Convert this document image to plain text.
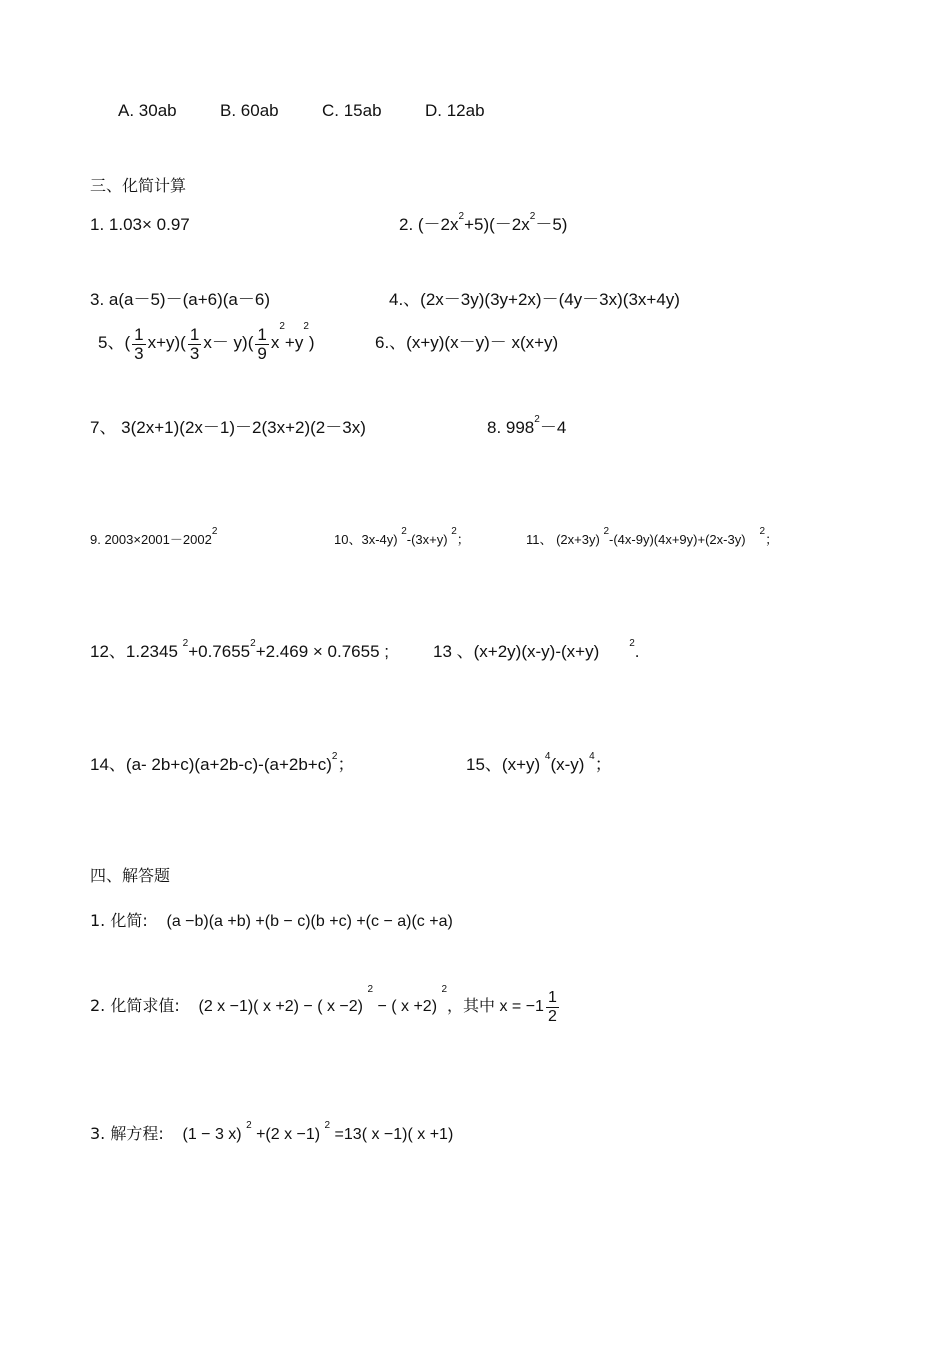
A. 30ab	B. 60ab	C. 15ab	D. 12ab
三、化简计算
1. 1.03× 0.97	2. $(-2x^2+5)(-2x^2-5)$
3. a(a－5)－(a+6)(a－6)	4.、(2x－3y)(3y+2x)－(4y－3x)(3x+4y)
5、( $\frac{1}{3} x+y)( \frac{1}{3} x- y)( \frac{1}{9} x^2+y^2)$	6.、(x+y)(x－y)－ x(x+y)
7、 3(2x+1)(2x－1)－2(3x+2)(2－3x)	8. $998^2-4$
9. $2003\times 2001-2002^2$
10、3x-4y) $^2$-(3x+y) $^2$；	11、 (2x+3y) $^2-(4x-9y)(4x+9y)+(2x-3y)^2$；
12、1.2345 $^2+0.7655^2+2.469 \times 0.7655$ ;	13 、(x+2y)(x-y)-(x+y)	$^2$.
14、(a- $2b+c)(a+2b-c)-(a+2b+c)^2$；	15、(x+y) $^4$(x-y) $^4$；
四、解答题
1. 化简: (a −b)(a +b) +(b − c)(b +c) +(c − a)(c +a)
2. 化简求值: (2 x −1)( x +2) − ( x −2) $^2$ − ( x +2) $^2$，其中 $x = -1 \frac{1}{2}$
3. 解方程: (1 − 3 x) $^2$ +(2 x −1) $^2$ =13( x −1)( x +1)
